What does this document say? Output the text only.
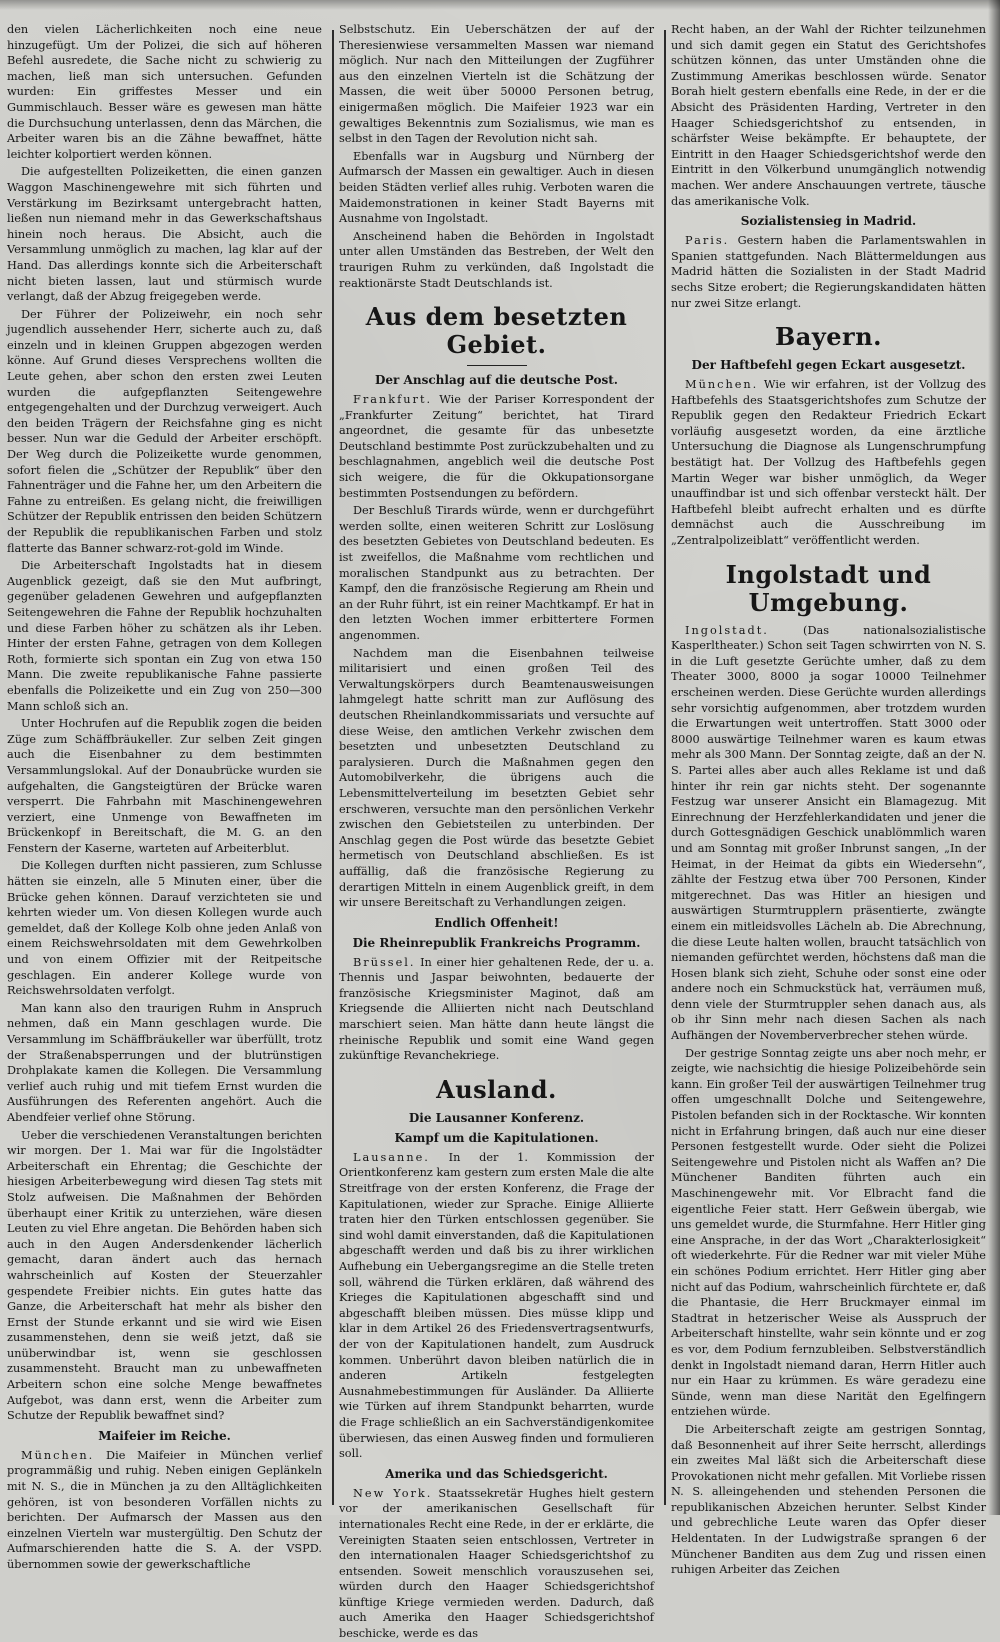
den vielen Lächerlichkeiten noch eine neue hinzugefügt. Um der Polizei, die sich auf höheren Befehl ausredete, die Sache nicht zu schwierig zu machen, ließ man sich untersuchen. Gefunden wurden: Ein griffestes Messer und ein Gummischlauch. Besser wäre es gewesen man hätte die Durchsuchung unterlassen, denn das Märchen, die Arbeiter waren bis an die Zähne bewaffnet, hätte leichter kolportiert werden können.

Die aufgestellten Polizeiketten, die einen ganzen Waggon Maschinengewehre mit sich führten und Verstärkung im Bezirksamt untergebracht hatten, ließen nun niemand mehr in das Gewerkschaftshaus hinein noch heraus. Die Absicht, auch die Versammlung unmöglich zu machen, lag klar auf der Hand. Das allerdings konnte sich die Arbeiterschaft nicht bieten lassen, laut und stürmisch wurde verlangt, daß der Abzug freigegeben werde.

Der Führer der Polizeiwehr, ein noch sehr jugendlich aussehender Herr, sicherte auch zu, daß einzeln und in kleinen Gruppen abgezogen werden könne. Auf Grund dieses Versprechens wollten die Leute gehen, aber schon den ersten zwei Leuten wurden die aufgepflanzten Seitengewehre entgegengehalten und der Durchzug verweigert. Auch den beiden Trägern der Reichsfahne ging es nicht besser. Nun war die Geduld der Arbeiter erschöpft. Der Weg durch die Polizeikette wurde genommen, sofort fielen die „Schützer der Republik“ über den Fahnenträger und die Fahne her, um den Arbeitern die Fahne zu entreißen. Es gelang nicht, die freiwilligen Schützer der Republik entrissen den beiden Schützern der Republik die republikanischen Farben und stolz flatterte das Banner schwarz-rot-gold im Winde.

Die Arbeiterschaft Ingolstadts hat in diesem Augenblick gezeigt, daß sie den Mut aufbringt, gegenüber geladenen Gewehren und aufgepflanzten Seitengewehren die Fahne der Republik hochzuhalten und diese Farben höher zu schätzen als ihr Leben. Hinter der ersten Fahne, getragen von dem Kollegen Roth, formierte sich spontan ein Zug von etwa 150 Mann. Die zweite republikanische Fahne passierte ebenfalls die Polizeikette und ein Zug von 250—300 Mann schloß sich an.

Unter Hochrufen auf die Republik zogen die beiden Züge zum Schäffbräukeller. Zur selben Zeit gingen auch die Eisenbahner zu dem bestimmten Versammlungslokal. Auf der Donaubrücke wurden sie aufgehalten, die Gangsteigtüren der Brücke waren versperrt. Die Fahrbahn mit Maschinengewehren verziert, eine Unmenge von Bewaffneten im Brückenkopf in Bereitschaft, die M. G. an den Fenstern der Kaserne, warteten auf Arbeiterblut.

Die Kollegen durften nicht passieren, zum Schlusse hätten sie einzeln, alle 5 Minuten einer, über die Brücke gehen können. Darauf verzichteten sie und kehrten wieder um. Von diesen Kollegen wurde auch gemeldet, daß der Kollege Kolb ohne jeden Anlaß von einem Reichswehrsoldaten mit dem Gewehrkolben und von einem Offizier mit der Reitpeitsche geschlagen. Ein anderer Kollege wurde von Reichswehrsoldaten verfolgt.

Man kann also den traurigen Ruhm in Anspruch nehmen, daß ein Mann geschlagen wurde. Die Versammlung im Schäffbräukeller war überfüllt, trotz der Straßenabsperrungen und der blutrünstigen Drohplakate kamen die Kollegen. Die Versammlung verlief auch ruhig und mit tiefem Ernst wurden die Ausführungen des Referenten angehört. Auch die Abendfeier verlief ohne Störung.

Ueber die verschiedenen Veranstaltungen berichten wir morgen. Der 1. Mai war für die Ingolstädter Arbeiterschaft ein Ehrentag; die Geschichte der hiesigen Arbeiterbewegung wird diesen Tag stets mit Stolz aufweisen. Die Maßnahmen der Behörden überhaupt einer Kritik zu unterziehen, wäre diesen Leuten zu viel Ehre angetan. Die Behörden haben sich auch in den Augen Andersdenkender lächerlich gemacht, daran ändert auch das hernach wahrscheinlich auf Kosten der Steuerzahler gespendete Freibier nichts. Ein gutes hatte das Ganze, die Arbeiterschaft hat mehr als bisher den Ernst der Stunde erkannt und sie wird wie Eisen zusammenstehen, denn sie weiß jetzt, daß sie unüberwindbar ist, wenn sie geschlossen zusammensteht. Braucht man zu unbewaffneten Arbeitern schon eine solche Menge bewaffnetes Aufgebot, was dann erst, wenn die Arbeiter zum Schutze der Republik bewaffnet sind?

Maifeier im Reiche.

München. Die Maifeier in München verlief programmäßig und ruhig. Neben einigen Geplänkeln mit N. S., die in München ja zu den Alltäglichkeiten gehören, ist von besonderen Vorfällen nichts zu berichten. Der Aufmarsch der Massen aus den einzelnen Vierteln war mustergültig. Den Schutz der Aufmarschierenden hatte die S. A. der VSPD. übernommen sowie der gewerkschaftliche

Selbstschutz. Ein Ueberschätzen der auf der Theresienwiese versammelten Massen war niemand möglich. Nur nach den Mitteilungen der Zugführer aus den einzelnen Vierteln ist die Schätzung der Massen, die weit über 50000 Personen betrug, einigermaßen möglich. Die Maifeier 1923 war ein gewaltiges Bekenntnis zum Sozialismus, wie man es selbst in den Tagen der Revolution nicht sah.

Ebenfalls war in Augsburg und Nürnberg der Aufmarsch der Massen ein gewaltiger. Auch in diesen beiden Städten verlief alles ruhig. Verboten waren die Maidemonstrationen in keiner Stadt Bayerns mit Ausnahme von Ingolstadt.

Anscheinend haben die Behörden in Ingolstadt unter allen Umständen das Bestreben, der Welt den traurigen Ruhm zu verkünden, daß Ingolstadt die reaktionärste Stadt Deutschlands ist.

Aus dem besetzten Gebiet.
Der Anschlag auf die deutsche Post.

Frankfurt. Wie der Pariser Korrespondent der „Frankfurter Zeitung“ berichtet, hat Tirard angeordnet, die gesamte für das unbesetzte Deutschland bestimmte Post zurückzubehalten und zu beschlagnahmen, angeblich weil die deutsche Post sich weigere, die für die Okkupationsorgane bestimmten Postsendungen zu befördern.

Der Beschluß Tirards würde, wenn er durchgeführt werden sollte, einen weiteren Schritt zur Loslösung des besetzten Gebietes von Deutschland bedeuten. Es ist zweifellos, die Maßnahme vom rechtlichen und moralischen Standpunkt aus zu betrachten. Der Kampf, den die französische Regierung am Rhein und an der Ruhr führt, ist ein reiner Machtkampf. Er hat in den letzten Wochen immer erbittertere Formen angenommen.

Nachdem man die Eisenbahnen teilweise militarisiert und einen großen Teil des Verwaltungskörpers durch Beamtenausweisungen lahmgelegt hatte schritt man zur Auflösung des deutschen Rheinlandkommissariats und versuchte auf diese Weise, den amtlichen Verkehr zwischen dem besetzten und unbesetzten Deutschland zu paralysieren. Durch die Maßnahmen gegen den Automobilverkehr, die übrigens auch die Lebensmittelverteilung im besetzten Gebiet sehr erschweren, versuchte man den persönlichen Verkehr zwischen den Gebietsteilen zu unterbinden. Der Anschlag gegen die Post würde das besetzte Gebiet hermetisch von Deutschland abschließen. Es ist auffällig, daß die französische Regierung zu derartigen Mitteln in einem Augenblick greift, in dem wir unsere Bereitschaft zu Verhandlungen zeigen.

Endlich Offenheit!
Die Rheinrepublik Frankreichs Programm.

Brüssel. In einer hier gehaltenen Rede, der u. a. Thennis und Jaspar beiwohnten, bedauerte der französische Kriegsminister Maginot, daß am Kriegsende die Alliierten nicht nach Deutschland marschiert seien. Man hätte dann heute längst die rheinische Republik und somit eine Wand gegen zukünftige Revanchekriege.

Ausland.
Die Lausanner Konferenz.
Kampf um die Kapitulationen.

Lausanne. In der 1. Kommission der Orientkonferenz kam gestern zum ersten Male die alte Streitfrage von der ersten Konferenz, die Frage der Kapitulationen, wieder zur Sprache. Einige Alliierte traten hier den Türken entschlossen gegenüber. Sie sind wohl damit einverstanden, daß die Kapitulationen abgeschafft werden und daß bis zu ihrer wirklichen Aufhebung ein Uebergangsregime an die Stelle treten soll, während die Türken erklären, daß während des Krieges die Kapitulationen abgeschafft sind und abgeschafft bleiben müssen. Dies müsse klipp und klar in dem Artikel 26 des Friedensvertragsentwurfs, der von der Kapitulationen handelt, zum Ausdruck kommen. Unberührt davon bleiben natürlich die in anderen Artikeln festgelegten Ausnahmebestimmungen für Ausländer. Da Alliierte wie Türken auf ihrem Standpunkt beharrten, wurde die Frage schließlich an ein Sachverständigenkomitee überwiesen, das einen Ausweg finden und formulieren soll.

Amerika und das Schiedsgericht.

New York. Staatssekretär Hughes hielt gestern vor der amerikanischen Gesellschaft für internationales Recht eine Rede, in der er erklärte, die Vereinigten Staaten seien entschlossen, Vertreter in den internationalen Haager Schiedsgerichtshof zu entsenden. Soweit menschlich vorauszusehen sei, würden durch den Haager Schiedsgerichtshof künftige Kriege vermieden werden. Dadurch, daß auch Amerika den Haager Schiedsgerichtshof beschicke, werde es das

Recht haben, an der Wahl der Richter teilzunehmen und sich damit gegen ein Statut des Gerichtshofes schützen können, das unter Umständen ohne die Zustimmung Amerikas beschlossen würde. Senator Borah hielt gestern ebenfalls eine Rede, in der er die Absicht des Präsidenten Harding, Vertreter in den Haager Schiedsgerichtshof zu entsenden, in schärfster Weise bekämpfte. Er behauptete, der Eintritt in den Haager Schiedsgerichtshof werde den Eintritt in den Völkerbund unumgänglich notwendig machen. Wer andere Anschauungen vertrete, täusche das amerikanische Volk.

Sozialistensieg in Madrid.

Paris. Gestern haben die Parlamentswahlen in Spanien stattgefunden. Nach Blättermeldungen aus Madrid hätten die Sozialisten in der Stadt Madrid sechs Sitze erobert; die Regierungskandidaten hätten nur zwei Sitze erlangt.

Bayern.
Der Haftbefehl gegen Eckart ausgesetzt.

München. Wie wir erfahren, ist der Vollzug des Haftbefehls des Staatsgerichtshofes zum Schutze der Republik gegen den Redakteur Friedrich Eckart vorläufig ausgesetzt worden, da eine ärztliche Untersuchung die Diagnose als Lungenschrumpfung bestätigt hat. Der Vollzug des Haftbefehls gegen Martin Weger war bisher unmöglich, da Weger unauffindbar ist und sich offenbar versteckt hält. Der Haftbefehl bleibt aufrecht erhalten und es dürfte demnächst auch die Ausschreibung im „Zentralpolizeiblatt“ veröffentlicht werden.

Ingolstadt und Umgebung.

Ingolstadt. (Das nationalsozialistische Kasperltheater.) Schon seit Tagen schwirrten von N. S. in die Luft gesetzte Gerüchte umher, daß zu dem Theater 3000, 8000 ja sogar 10000 Teilnehmer erscheinen werden. Diese Gerüchte wurden allerdings sehr vorsichtig aufgenommen, aber trotzdem wurden die Erwartungen weit untertroffen. Statt 3000 oder 8000 auswärtige Teilnehmer waren es kaum etwas mehr als 300 Mann. Der Sonntag zeigte, daß an der N. S. Partei alles aber auch alles Reklame ist und daß hinter ihr rein gar nichts steht. Der sogenannte Festzug war unserer Ansicht ein Blamagezug. Mit Einrechnung der Herzfehlerkandidaten und jener die durch Gottesgnädigen Geschick unablömmlich waren und am Sonntag mit großer Inbrunst sangen, „In der Heimat, in der Heimat da gibts ein Wiedersehn“, zählte der Festzug etwa über 700 Personen, Kinder mitgerechnet. Das was Hitler an hiesigen und auswärtigen Sturmtrupplern präsentierte, zwängte einem ein mitleidsvolles Lächeln ab. Die Abrechnung, die diese Leute halten wollen, braucht tatsächlich von niemanden gefürchtet werden, höchstens daß man die Hosen blank sich zieht, Schuhe oder sonst eine oder andere noch ein Schmuckstück hat, verräumen muß, denn viele der Sturmtruppler sehen danach aus, als ob ihr Sinn mehr nach diesen Sachen als nach Aufhängen der Novemberverbrecher stehen würde.

Der gestrige Sonntag zeigte uns aber noch mehr, er zeigte, wie nachsichtig die hiesige Polizeibehörde sein kann. Ein großer Teil der auswärtigen Teilnehmer trug offen umgeschnallt Dolche und Seitengewehre, Pistolen befanden sich in der Rocktasche. Wir konnten nicht in Erfahrung bringen, daß auch nur eine dieser Personen festgestellt wurde. Oder sieht die Polizei Seitengewehre und Pistolen nicht als Waffen an? Die Münchener Banditen führten auch ein Maschinengewehr mit. Vor Elbracht fand die eigentliche Feier statt. Herr Geßwein übergab, wie uns gemeldet wurde, die Sturmfahne. Herr Hitler ging eine Ansprache, in der das Wort „Charakterlosigkeit“ oft wiederkehrte. Für die Redner war mit vieler Mühe ein schönes Podium errichtet. Herr Hitler ging aber nicht auf das Podium, wahrscheinlich fürchtete er, daß die Phantasie, die Herr Bruckmayer einmal im Stadtrat in hetzerischer Weise als Ausspruch der Arbeiterschaft hinstellte, wahr sein könnte und er zog es vor, dem Podium fernzubleiben. Selbstverständlich denkt in Ingolstadt niemand daran, Herrn Hitler auch nur ein Haar zu krümmen. Es wäre geradezu eine Sünde, wenn man diese Narität den Egelfingern entziehen würde.

Die Arbeiterschaft zeigte am gestrigen Sonntag, daß Besonnenheit auf ihrer Seite herrscht, allerdings ein zweites Mal läßt sich die Arbeiterschaft diese Provokationen nicht mehr gefallen. Mit Vorliebe rissen N. S. alleingehenden und stehenden Personen die republikanischen Abzeichen herunter. Selbst Kinder und gebrechliche Leute waren das Opfer dieser Heldentaten. In der Ludwigstraße sprangen 6 der Münchener Banditen aus dem Zug und rissen einen ruhigen Arbeiter das Zeichen
